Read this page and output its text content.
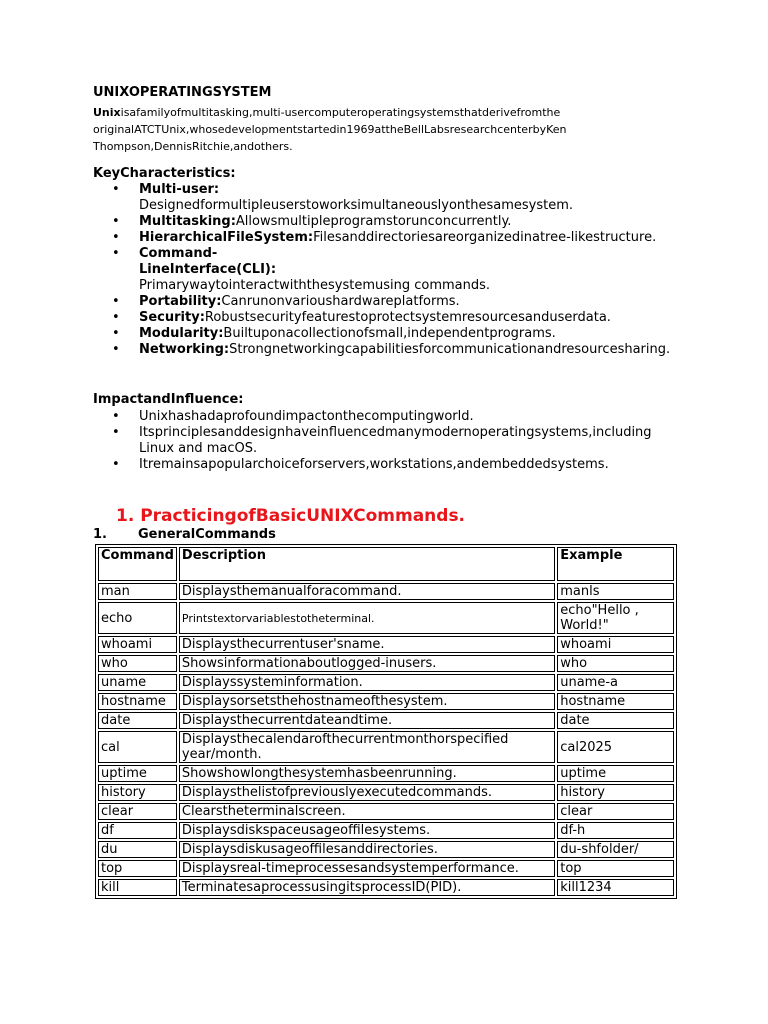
UNIXOPERATINGSYSTEM
Unixisafamilyofmultitasking,multi-usercomputeroperatingsystemsthatderivefromthe originalATCTUnix,whosedevelopmentstartedin1969attheBellLabsresearchcenterbyKen Thompson,DennisRitchie,andothers.
KeyCharacteristics:
• Multi-user:
Designedformultipleuserstoworksimultaneouslyonthesamesystem.
• Multitasking:Allowsmultipleprogramstorunconcurrently.
• HierarchicalFileSystem:Filesanddirectoriesareorganizedinatree-likestructure.
• Command-LineInterface(CLI):
Primarywaytointeractwiththesystemusing commands.
• Portability:Canrunonvarioushardwareplatforms.
• Security:Robustsecurityfeaturestoprotectsystemresourcesanduserdata.
• Modularity:Builtuponacollectionofsmall,independentprograms.
• Networking:Strongnetworkingcapabilitiesforcommunicationandresourcesharing.
ImpactandInfluence:
• Unixhashadaprofoundimpactonthecomputingworld.
• Itsprinciplesanddesignhaveinfluencedmanymodernoperatingsystems,including Linux and macOS.
• Itremainsapopularchoiceforservers,workstations,andembeddedsystems.
1. PracticingofBasicUNIXCommands.
1. GeneralCommands
Command	Description	Example
man	Displaysthemanualforacommand.	manls
echo	Printstextorvariablestotheterminal.	echo"Hello , World!"
whoami	Displaysthecurrentuser'sname.	whoami
who	Showsinformationaboutlogged-inusers.	who
uname	Displayssysteminformation.	uname-a
hostname	Displaysorsetsthehostnameofthesystem.	hostname
date	Displaysthecurrentdateandtime.	date
cal	Displaysthecalendarofthecurrentmonthorspecified year/month.	cal2025
uptime	Showshowlongthesystemhasbeenrunning.	uptime
history	Displaysthelistofpreviouslyexecutedcommands.	history
clear	Clearstheterminalscreen.	clear
df	Displaysdiskspaceusageoffilesystems.	df-h
du	Displaysdiskusageoffilesanddirectories.	du-shfolder/
top	Displaysreal-timeprocessesandsystemperformance.	top
kill	TerminatesaprocessusingitsprocessID(PID).	kill1234
